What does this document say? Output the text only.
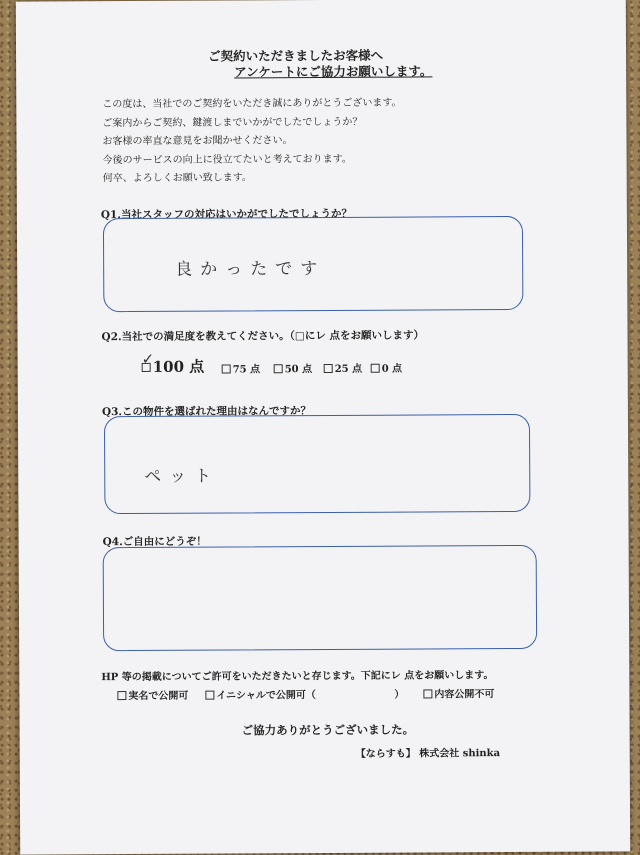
ご契約いただきましたお客様へ
アンケートにご協力お願いします。
この度は、当社でのご契約をいただき誠にありがとうございます。
ご案内からご契約、鍵渡しまでいかがでしたでしょうか？
お客様の率直な意見をお聞かせください。
今後のサービスの向上に役立てたいと考えております。
何卒、よろしくお願い致します。
Q1.当社スタッフの対応はいかがでしたでしょうか？
良かったです
Q2.当社での満足度を教えてください。（□にレ 点をお願いします）
100 点
✓
75 点	50 点	25 点	0 点
Q3.この物件を選ばれた理由はなんですか？
ペット
Q4.ご自由にどうぞ！
HP 等の掲載についてご許可をいただきたいと存じます。下記にレ 点をお願いします。
実名で公開可	イニシャルで公開可（	）	内容公開不可
ご協力ありがとうございました。
【ならすも】 株式会社 shinka
